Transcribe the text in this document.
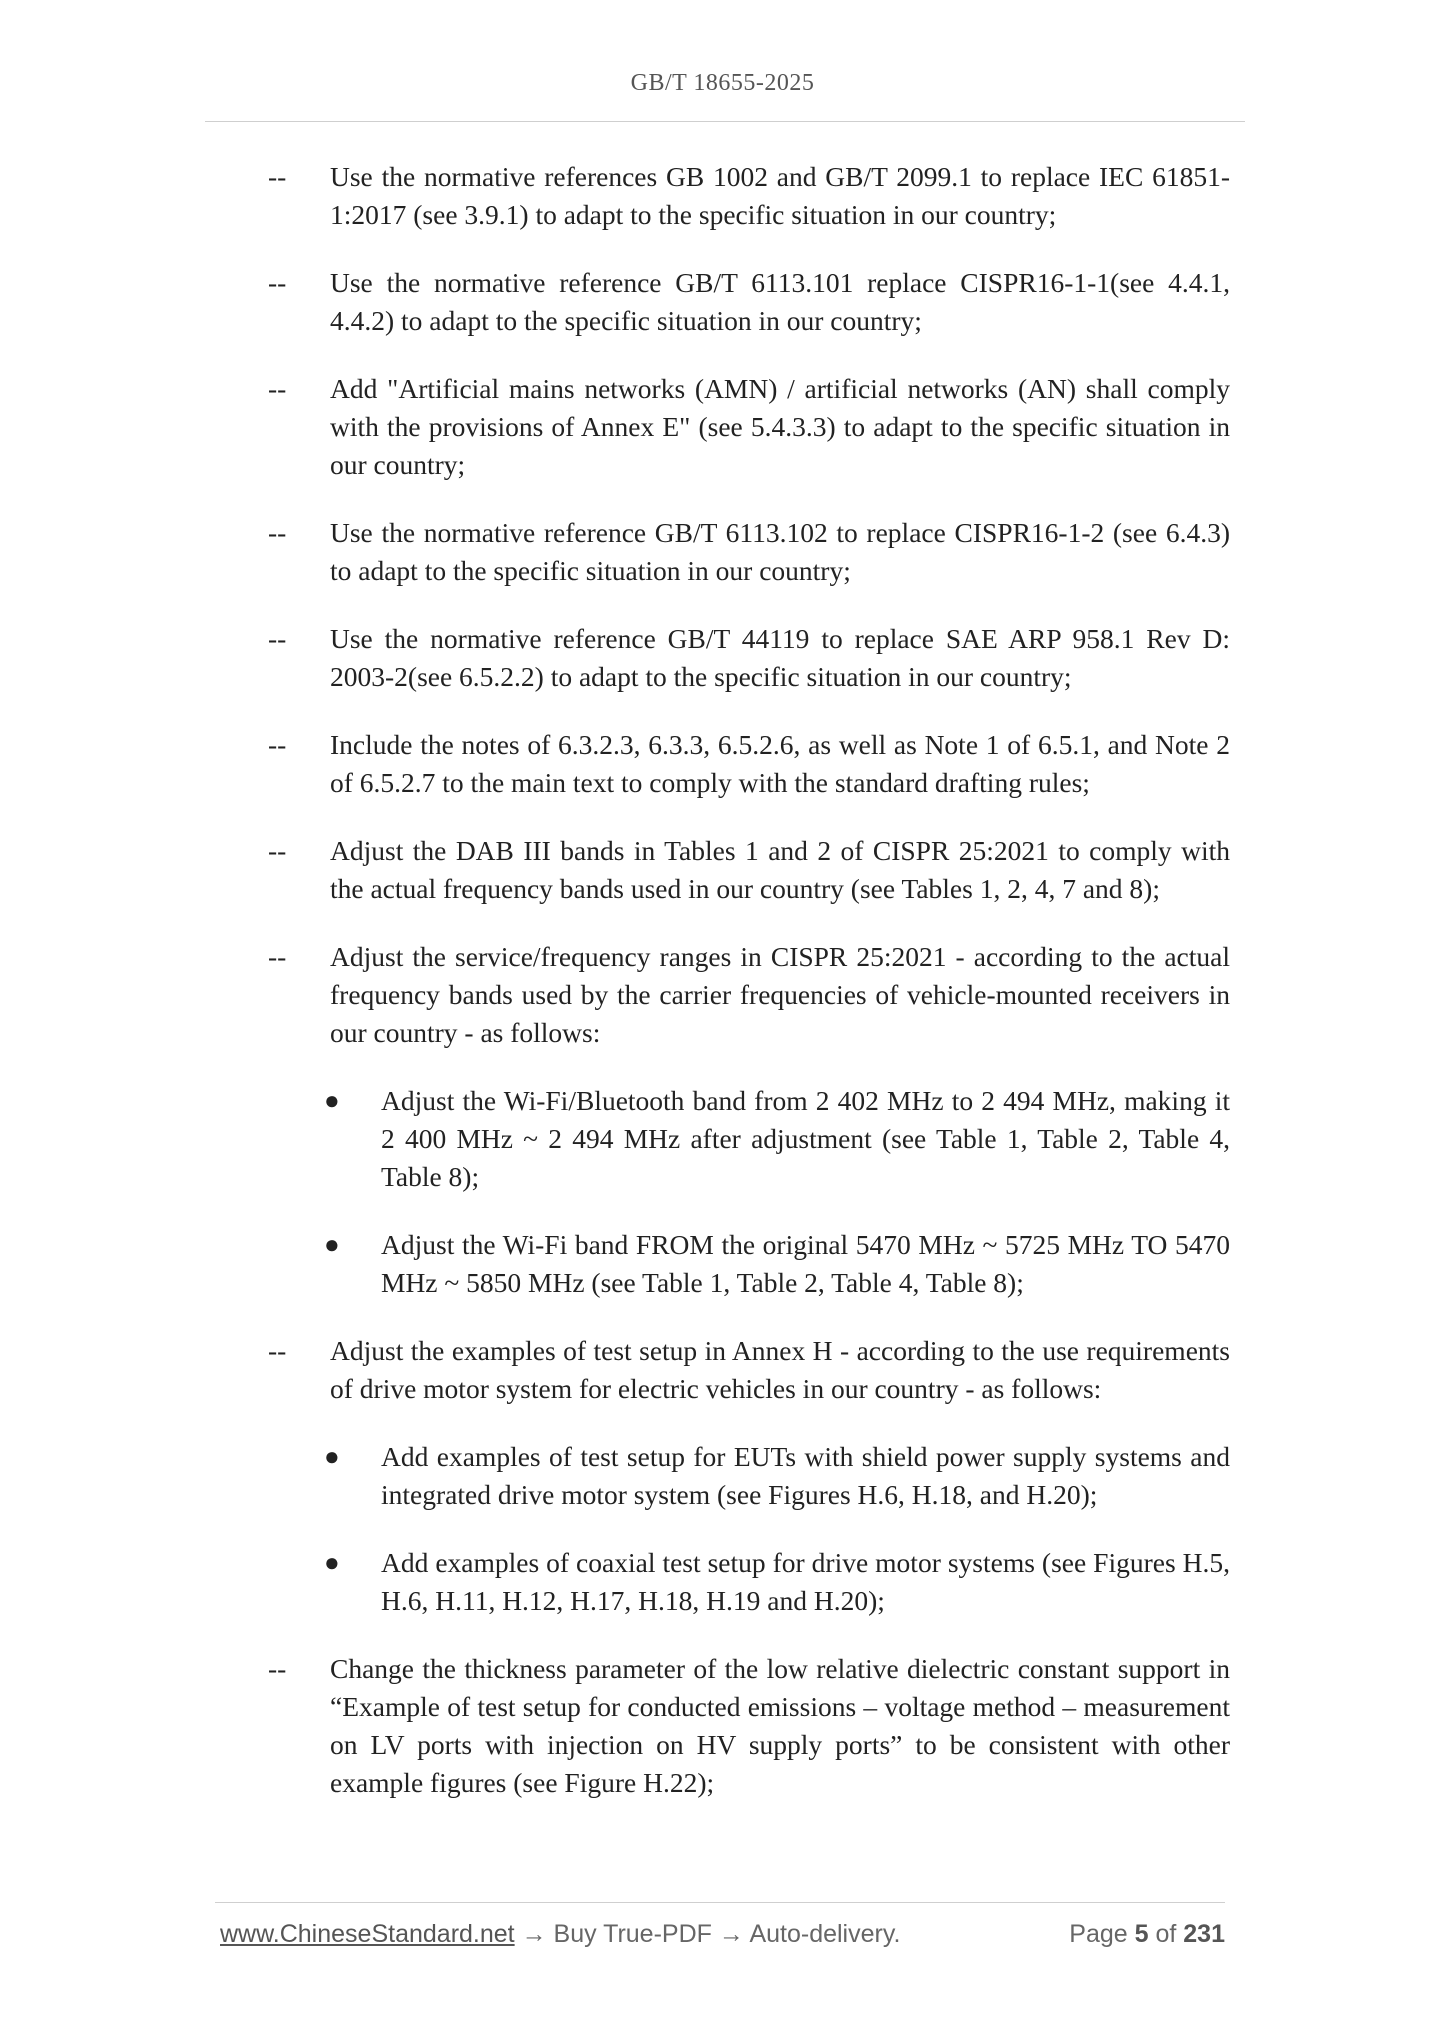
GB/T 18655-2025
-- Use the normative references GB 1002 and GB/T 2099.1 to replace IEC 61851-1:2017 (see 3.9.1) to adapt to the specific situation in our country;
-- Use the normative reference GB/T 6113.101 replace CISPR16-1-1(see 4.4.1, 4.4.2) to adapt to the specific situation in our country;
-- Add "Artificial mains networks (AMN) / artificial networks (AN) shall comply with the provisions of Annex E" (see 5.4.3.3) to adapt to the specific situation in our country;
-- Use the normative reference GB/T 6113.102 to replace CISPR16-1-2 (see 6.4.3) to adapt to the specific situation in our country;
-- Use the normative reference GB/T 44119 to replace SAE ARP 958.1 Rev D: 2003-2(see 6.5.2.2) to adapt to the specific situation in our country;
-- Include the notes of 6.3.2.3, 6.3.3, 6.5.2.6, as well as Note 1 of 6.5.1, and Note 2 of 6.5.2.7 to the main text to comply with the standard drafting rules;
-- Adjust the DAB III bands in Tables 1 and 2 of CISPR 25:2021 to comply with the actual frequency bands used in our country (see Tables 1, 2, 4, 7 and 8);
-- Adjust the service/frequency ranges in CISPR 25:2021 - according to the actual frequency bands used by the carrier frequencies of vehicle-mounted receivers in our country - as follows:
● Adjust the Wi-Fi/Bluetooth band from 2 402 MHz to 2 494 MHz, making it 2 400 MHz ~ 2 494 MHz after adjustment (see Table 1, Table 2, Table 4, Table 8);
● Adjust the Wi-Fi band FROM the original 5470 MHz ~ 5725 MHz TO 5470 MHz ~ 5850 MHz (see Table 1, Table 2, Table 4, Table 8);
-- Adjust the examples of test setup in Annex H - according to the use requirements of drive motor system for electric vehicles in our country - as follows:
● Add examples of test setup for EUTs with shield power supply systems and integrated drive motor system (see Figures H.6, H.18, and H.20);
● Add examples of coaxial test setup for drive motor systems (see Figures H.5, H.6, H.11, H.12, H.17, H.18, H.19 and H.20);
-- Change the thickness parameter of the low relative dielectric constant support in “Example of test setup for conducted emissions – voltage method – measurement on LV ports with injection on HV supply ports” to be consistent with other example figures (see Figure H.22);
www.ChineseStandard.net → Buy True-PDF → Auto-delivery.	Page 5 of 231
